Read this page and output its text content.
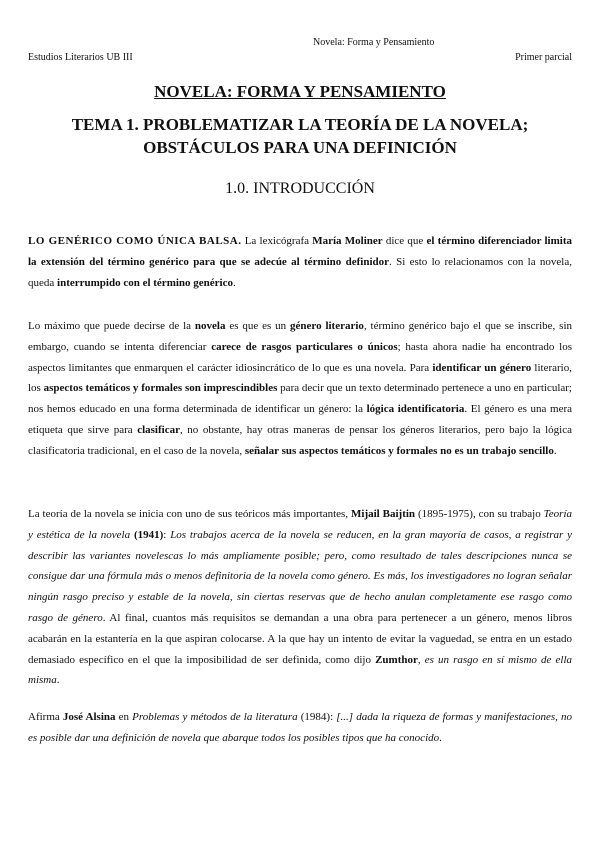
Novela: Forma y Pensamiento
Estudios Literarios UB III	Primer parcial
NOVELA: FORMA Y PENSAMIENTO
TEMA 1. PROBLEMATIZAR LA TEORÍA DE LA NOVELA;
OBSTÁCULOS PARA UNA DEFINICIÓN
1.0. INTRODUCCIÓN

LO GENÉRICO COMO ÚNICA BALSA. La lexicógrafa María Moliner dice que el término diferenciador limita la extensión del término genérico para que se adecúe al término definidor. Si esto lo relacionamos con la novela, queda interrumpido con el término genérico.

Lo máximo que puede decirse de la novela es que es un género literario, término genérico bajo el que se inscribe, sin embargo, cuando se intenta diferenciar carece de rasgos particulares o únicos; hasta ahora nadie ha encontrado los aspectos limitantes que enmarquen el carácter idiosincrático de lo que es una novela. Para identificar un género literario, los aspectos temáticos y formales son imprescindibles para decir que un texto determinado pertenece a uno en particular; nos hemos educado en una forma determinada de identificar un género: la lógica identificatoria. El género es una mera etiqueta que sirve para clasificar, no obstante, hay otras maneras de pensar los géneros literarios, pero bajo la lógica clasificatoria tradicional, en el caso de la novela, señalar sus aspectos temáticos y formales no es un trabajo sencillo.

La teoría de la novela se inicia con uno de sus teóricos más importantes, Mijail Baijtin (1895-1975), con su trabajo Teoría y estética de la novela (1941): Los trabajos acerca de la novela se reducen, en la gran mayoría de casos, a registrar y describir las variantes novelescas lo más ampliamente posible; pero, como resultado de tales descripciones nunca se consigue dar una fórmula más o menos definitoria de la novela como género. Es más, los investigadores no logran señalar ningún rasgo preciso y estable de la novela, sin ciertas reservas que de hecho anulan completamente ese rasgo como rasgo de género. Al final, cuantos más requisitos se demandan a una obra para pertenecer a un género, menos libros acabarán en la estantería en la que aspiran colocarse. A la que hay un intento de evitar la vaguedad, se entra en un estado demasiado específico en el que la imposibilidad de ser definida, como dijo Zumthor, es un rasgo en sí mismo de ella misma.

Afirma José Alsina en Problemas y métodos de la literatura (1984): [...] dada la riqueza de formas y manifestaciones, no es posible dar una definición de novela que abarque todos los posibles tipos que ha conocido.
